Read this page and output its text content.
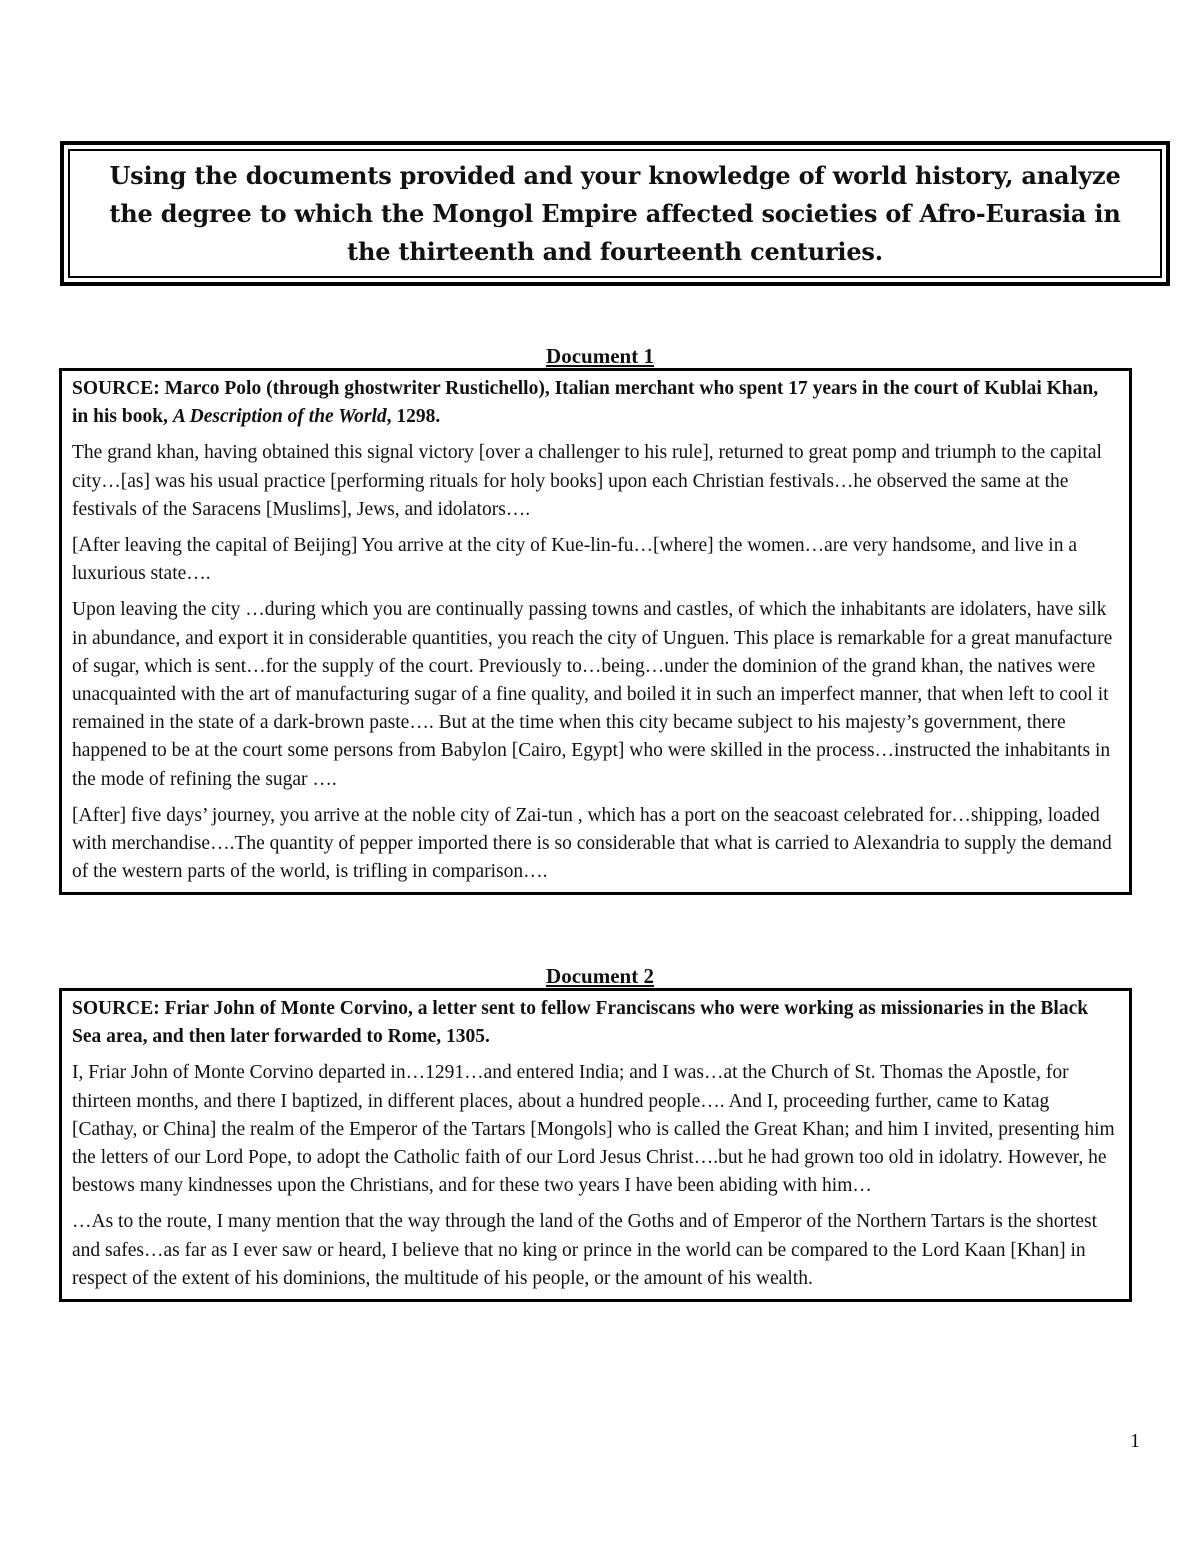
Using the documents provided and your knowledge of world history, analyze the degree to which the Mongol Empire affected societies of Afro-Eurasia in the thirteenth and fourteenth centuries.
Document 1

SOURCE: Marco Polo (through ghostwriter Rustichello), Italian merchant who spent 17 years in the court of Kublai Khan, in his book, A Description of the World, 1298.

The grand khan, having obtained this signal victory [over a challenger to his rule], returned to great pomp and triumph to the capital city…[as] was his usual practice [performing rituals for holy books] upon each Christian festivals…he observed the same at the festivals of the Saracens [Muslims], Jews, and idolators….

[After leaving the capital of Beijing] You arrive at the city of Kue-lin-fu…[where] the women…are very handsome, and live in a luxurious state….

Upon leaving the city …during which you are continually passing towns and castles, of which the inhabitants are idolaters, have silk in abundance, and export it in considerable quantities, you reach the city of Unguen. This place is remarkable for a great manufacture of sugar, which is sent…for the supply of the court. Previously to…being…under the dominion of the grand khan, the natives were unacquainted with the art of manufacturing sugar of a fine quality, and boiled it in such an imperfect manner, that when left to cool it remained in the state of a dark-brown paste…. But at the time when this city became subject to his majesty’s government, there happened to be at the court some persons from Babylon [Cairo, Egypt] who were skilled in the process…instructed the inhabitants in the mode of refining the sugar ….

[After] five days’ journey, you arrive at the noble city of Zai-tun , which has a port on the seacoast celebrated for…shipping, loaded with merchandise….The quantity of pepper imported there is so considerable that what is carried to Alexandria to supply the demand of the western parts of the world, is trifling in comparison….

Document 2

SOURCE: Friar John of Monte Corvino, a letter sent to fellow Franciscans who were working as missionaries in the Black Sea area, and then later forwarded to Rome, 1305.

I, Friar John of Monte Corvino departed in…1291…and entered India; and I was…at the Church of St. Thomas the Apostle, for thirteen months, and there I baptized, in different places, about a hundred people…. And I, proceeding further, came to Katag [Cathay, or China] the realm of the Emperor of the Tartars [Mongols] who is called the Great Khan; and him I invited, presenting him the letters of our Lord Pope, to adopt the Catholic faith of our Lord Jesus Christ….but he had grown too old in idolatry. However, he bestows many kindnesses upon the Christians, and for these two years I have been abiding with him…

…As to the route, I many mention that the way through the land of the Goths and of Emperor of the Northern Tartars is the shortest and safes…as far as I ever saw or heard, I believe that no king or prince in the world can be compared to the Lord Kaan [Khan] in respect of the extent of his dominions, the multitude of his people, or the amount of his wealth.

1
